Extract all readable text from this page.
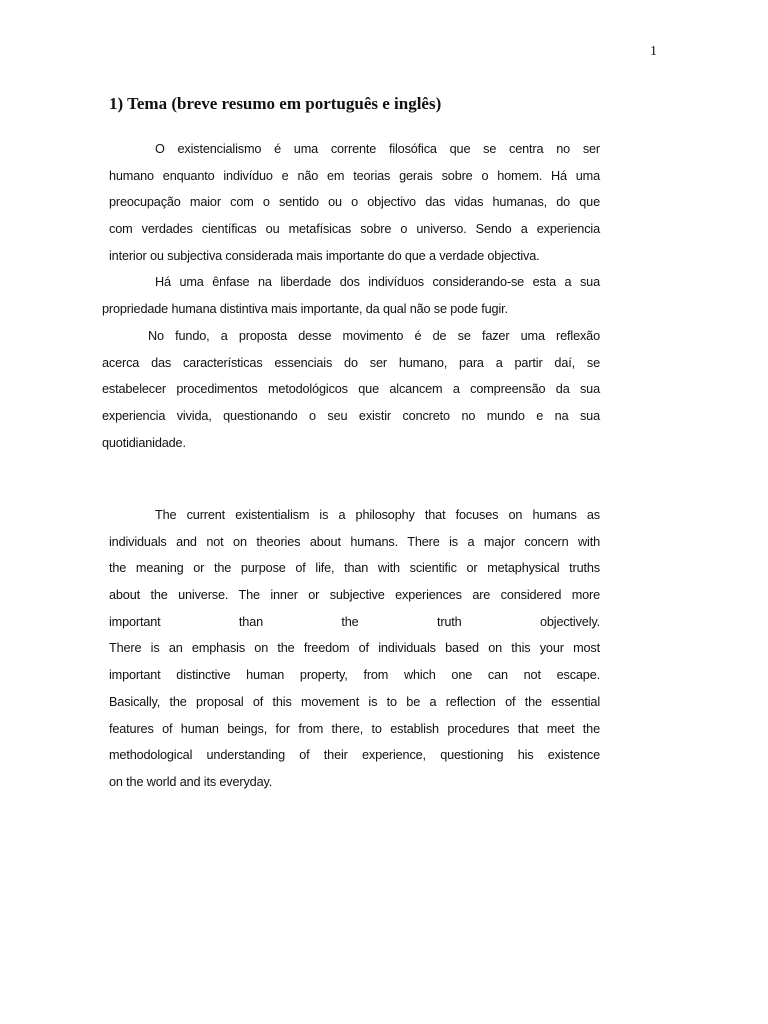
1
1) Tema (breve resumo em português e inglês)
O existencialismo é uma corrente filosófica que se centra no ser
humano enquanto indivíduo e não em teorias gerais sobre o homem. Há uma
preocupação maior com o sentido ou o objectivo das vidas humanas, do que
com verdades científicas ou metafísicas sobre o universo. Sendo a experiencia
interior ou subjectiva considerada mais importante do que a verdade objectiva.
Há uma ênfase na liberdade dos indivíduos considerando-se esta a sua
propriedade humana distintiva mais importante, da qual não se pode fugir.
No fundo, a proposta desse movimento é de se fazer uma reflexão
acerca das características essenciais do ser humano, para a partir daí, se
estabelecer procedimentos metodológicos que alcancem a compreensão da sua
experiencia vivida, questionando o seu existir concreto no mundo e na sua
quotidianidade.
The current existentialism is a philosophy that focuses on humans as
individuals and not on theories about humans. There is a major concern with
the meaning or the purpose of life, than with scientific or metaphysical truths
about the universe. The inner or subjective experiences are considered more
important than the truth objectively.
There is an emphasis on the freedom of individuals based on this your most
important distinctive human property, from which one can not escape.
Basically, the proposal of this movement is to be a reflection of the essential
features of human beings, for from there, to establish procedures that meet the
methodological understanding of their experience, questioning his existence
on the world and its everyday.
